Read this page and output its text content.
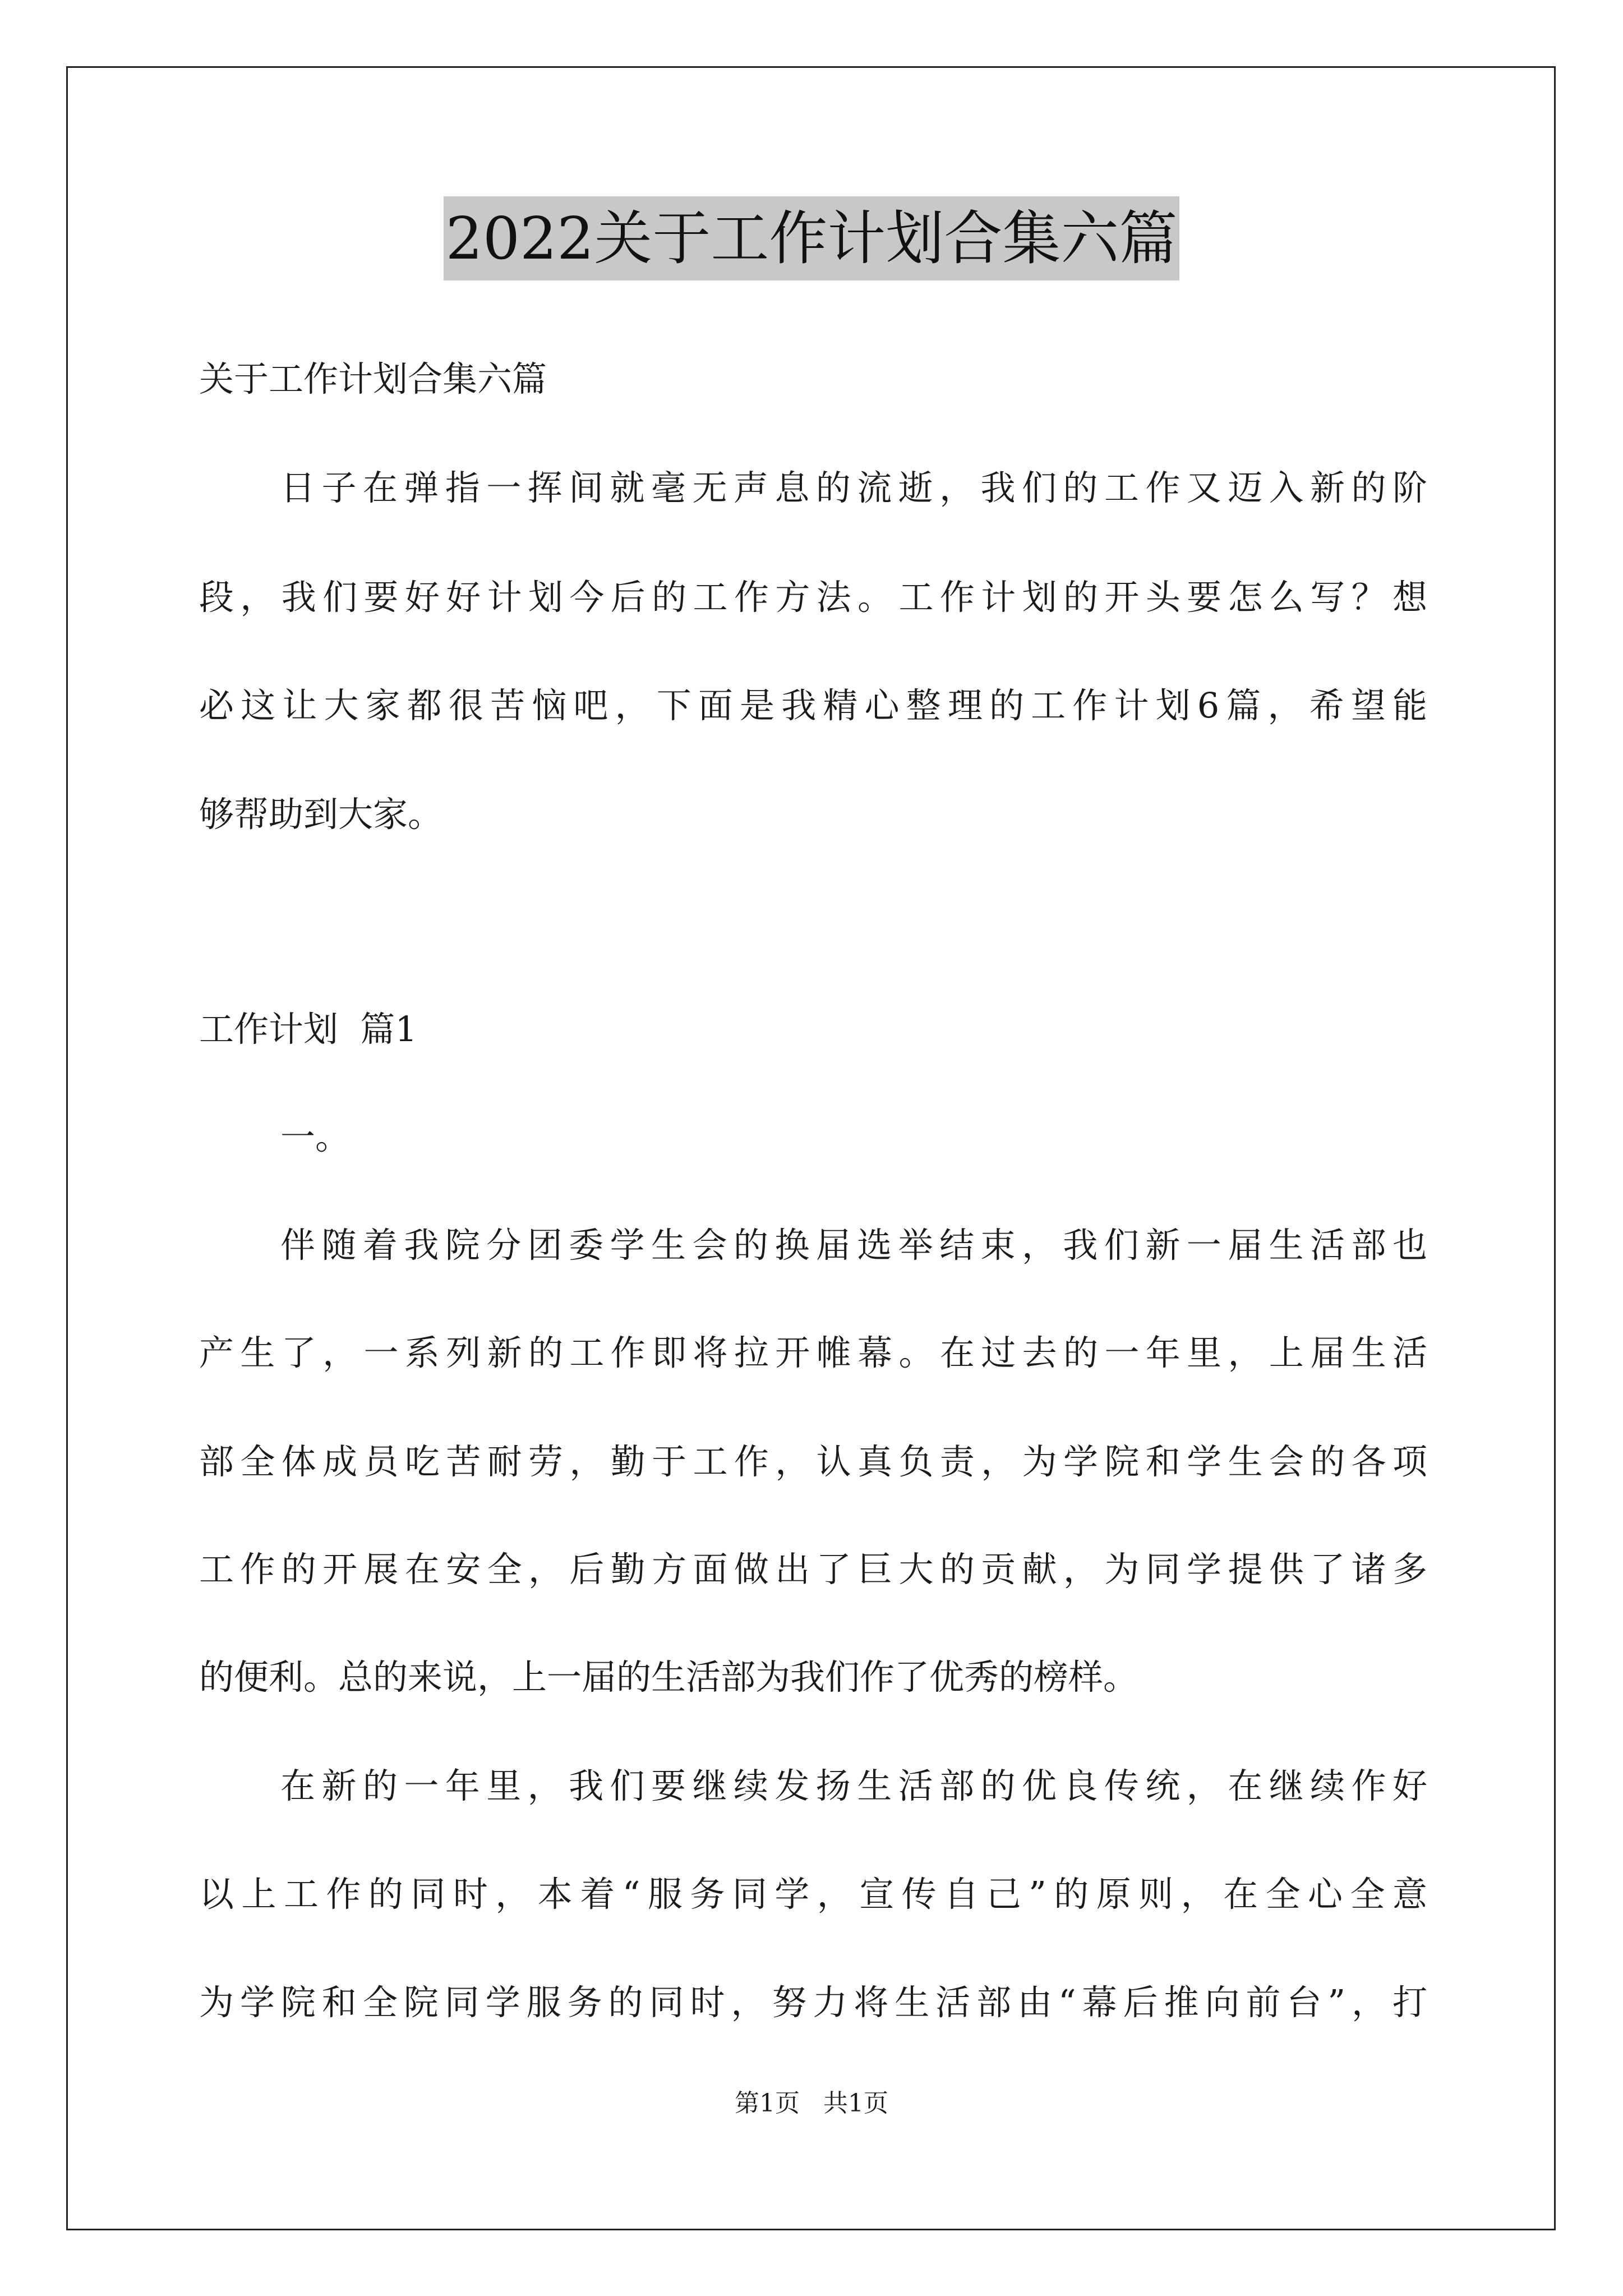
2022关于工作计划合集六篇
关于工作计划合集六篇
日子在弹指一挥间就毫无声息的流逝，我们的工作又迈入新的阶
段，我们要好好计划今后的工作方法。工作计划的开头要怎么写？想
必这让大家都很苦恼吧，下面是我精心整理的工作计划6篇，希望能
够帮助到大家。
工作计划  篇1
一。
伴随着我院分团委学生会的换届选举结束，我们新一届生活部也
产生了，一系列新的工作即将拉开帷幕。在过去的一年里，上届生活
部全体成员吃苦耐劳，勤于工作，认真负责，为学院和学生会的各项
工作的开展在安全，后勤方面做出了巨大的贡献，为同学提供了诸多
的便利。总的来说，上一届的生活部为我们作了优秀的榜样。
在新的一年里，我们要继续发扬生活部的优良传统，在继续作好
以上工作的同时，本着“服务同学，宣传自己”的原则，在全心全意
为学院和全院同学服务的同时，努力将生活部由“幕后推向前台”，打
第1页   共1页
